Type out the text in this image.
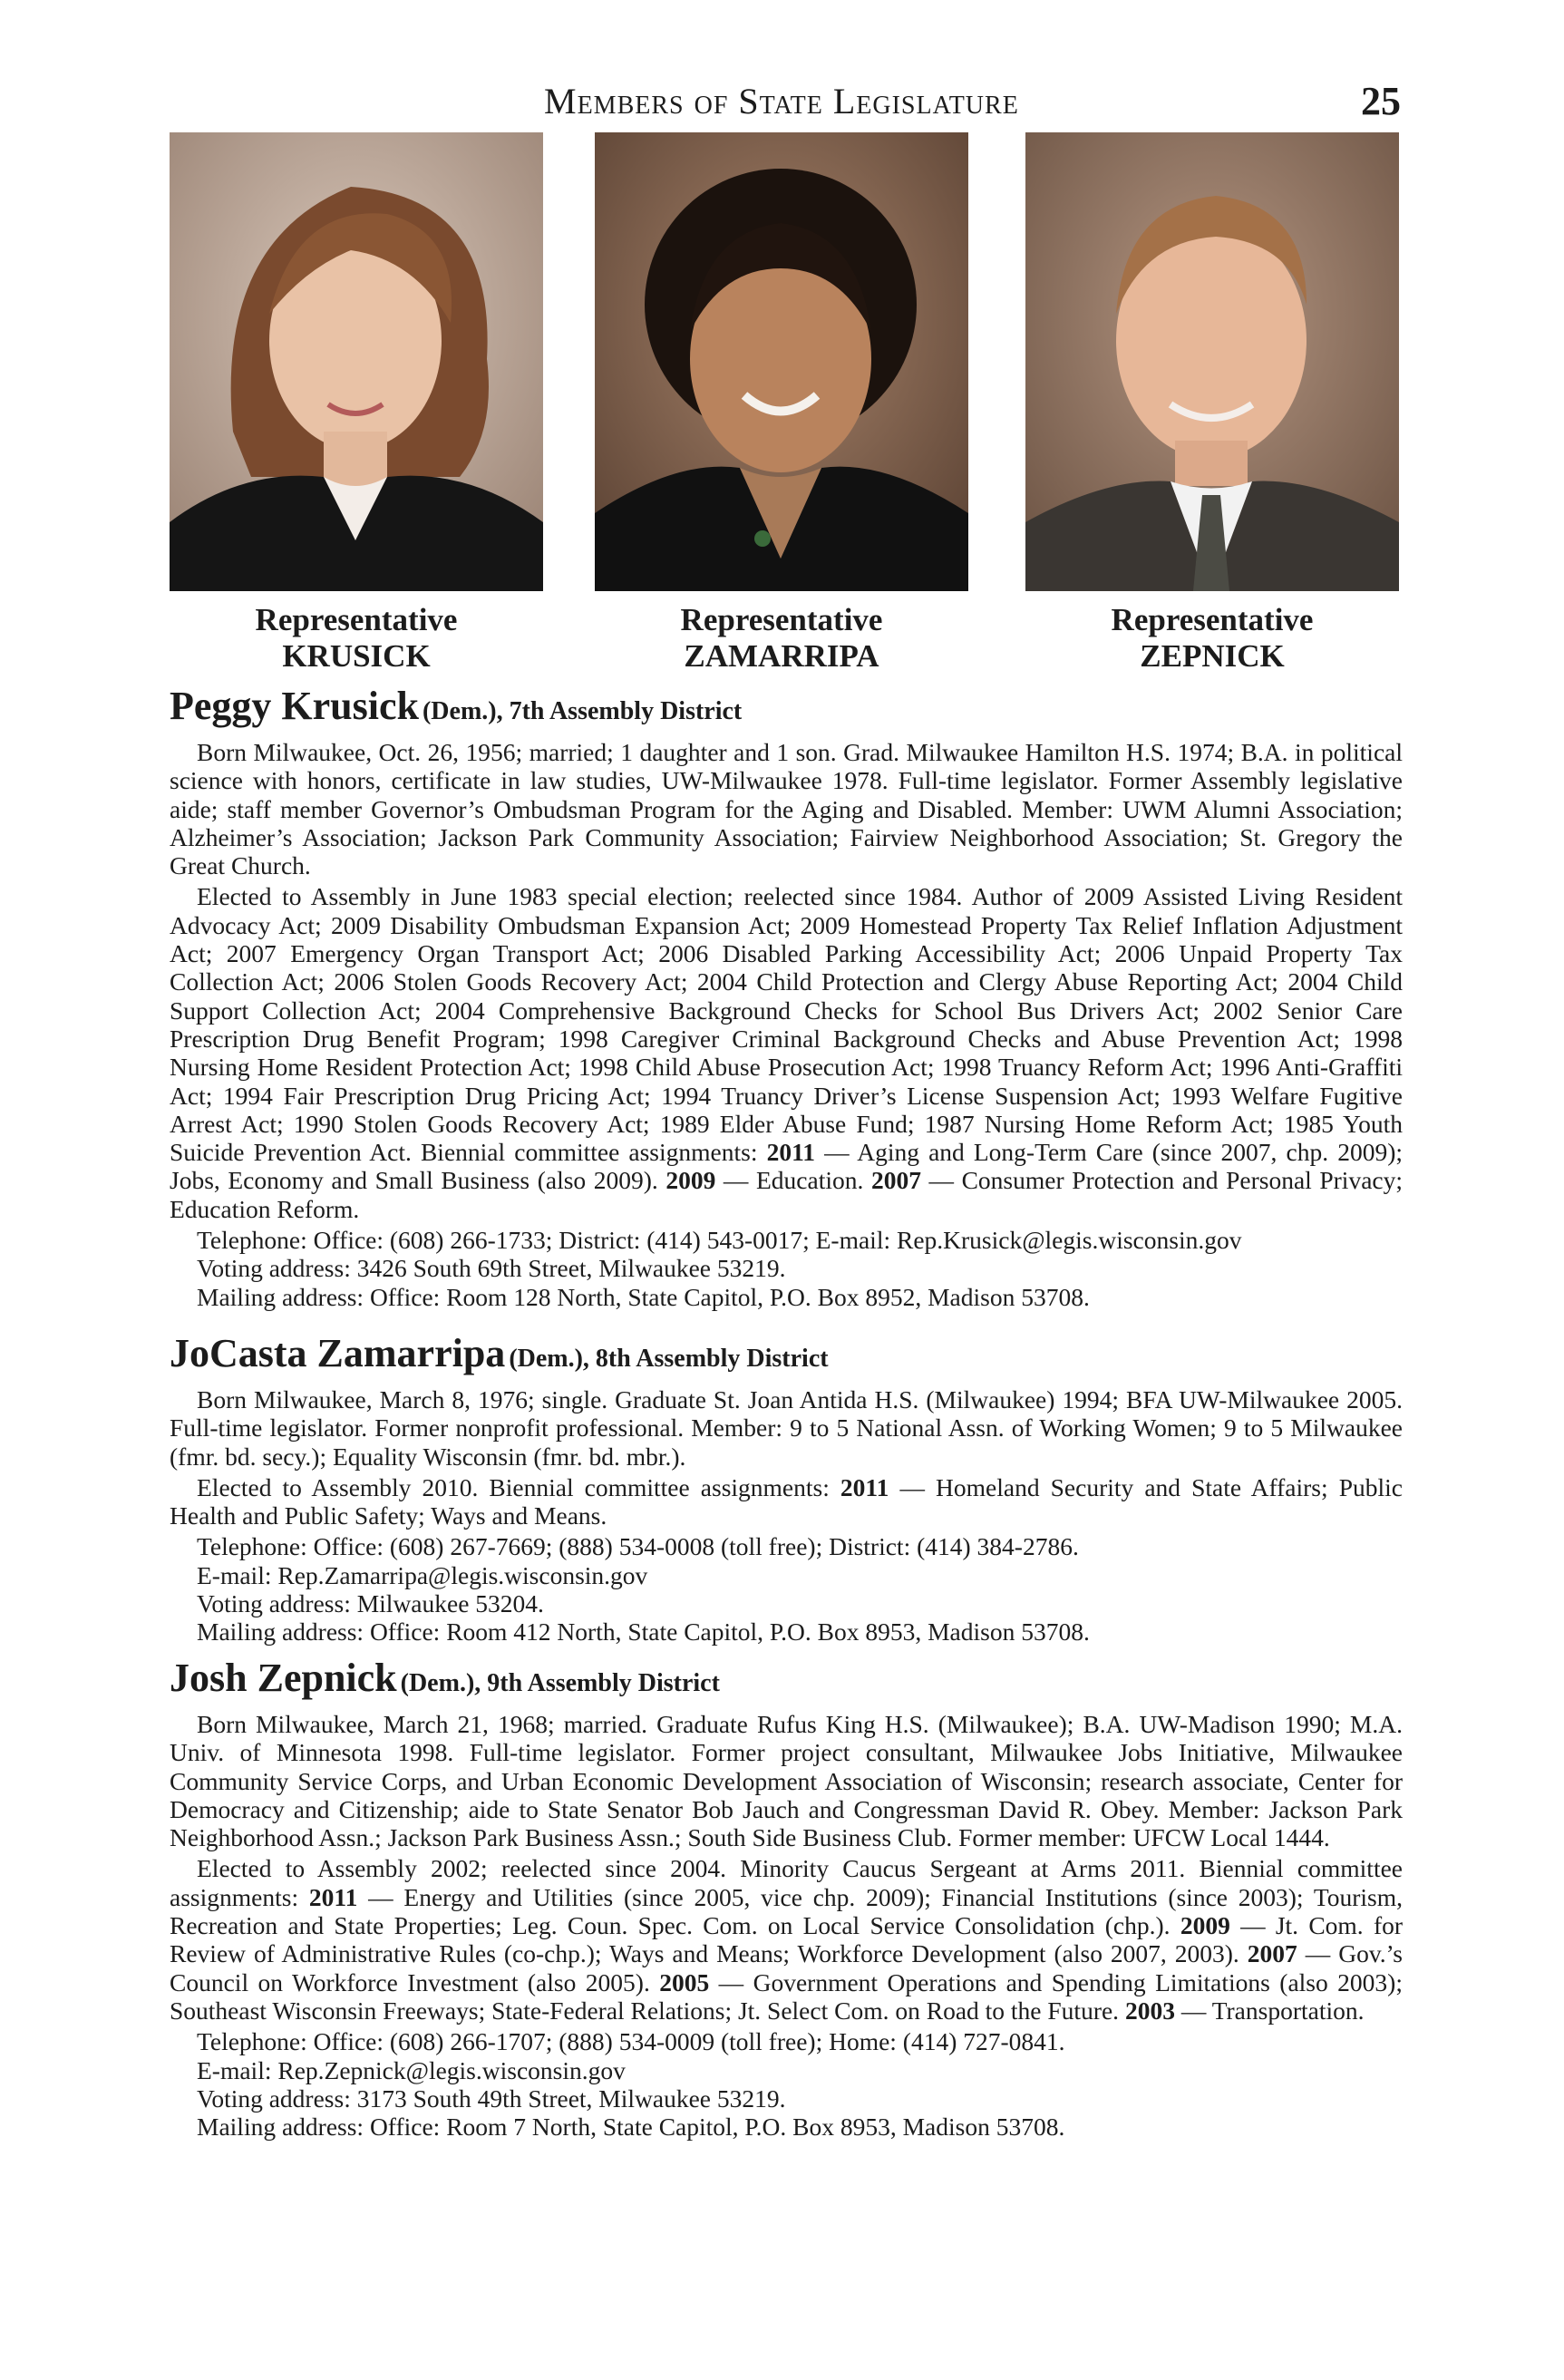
Members of State Legislature	25
Representative
KRUSICK
Representative
ZAMARRIPA
Representative
ZEPNICK
Peggy Krusick (Dem.), 7th Assembly District

Born Milwaukee, Oct. 26, 1956; married; 1 daughter and 1 son. Grad. Milwaukee Hamilton H.S. 1974; B.A. in political science with honors, certificate in law studies, UW-Milwaukee 1978. Full-time legislator. Former Assembly legislative aide; staff member Governor’s Ombudsman Program for the Aging and Disabled. Member: UWM Alumni Association; Alzheimer’s Association; Jackson Park Community Association; Fairview Neighborhood Association; St. Gregory the Great Church.

Elected to Assembly in June 1983 special election; reelected since 1984. Author of 2009 Assisted Living Resident Advocacy Act; 2009 Disability Ombudsman Expansion Act; 2009 Homestead Property Tax Relief Inflation Adjustment Act; 2007 Emergency Organ Transport Act; 2006 Disabled Parking Accessibility Act; 2006 Unpaid Property Tax Collection Act; 2006 Stolen Goods Recovery Act; 2004 Child Protection and Clergy Abuse Reporting Act; 2004 Child Support Collection Act; 2004 Comprehensive Background Checks for School Bus Drivers Act; 2002 Senior Care Prescription Drug Benefit Program; 1998 Caregiver Criminal Background Checks and Abuse Prevention Act; 1998 Nursing Home Resident Protection Act; 1998 Child Abuse Prosecution Act; 1998 Truancy Reform Act; 1996 Anti-Graffiti Act; 1994 Fair Prescription Drug Pricing Act; 1994 Truancy Driver’s License Suspension Act; 1993 Welfare Fugitive Arrest Act; 1990 Stolen Goods Recovery Act; 1989 Elder Abuse Fund; 1987 Nursing Home Reform Act; 1985 Youth Suicide Prevention Act. Biennial committee assignments: 2011 — Aging and Long-Term Care (since 2007, chp. 2009); Jobs, Economy and Small Business (also 2009). 2009 — Education. 2007 — Consumer Protection and Personal Privacy; Education Reform.

Telephone: Office: (608) 266-1733; District: (414) 543-0017; E-mail: Rep.Krusick@legis.wisconsin.gov
Voting address: 3426 South 69th Street, Milwaukee 53219.
Mailing address: Office: Room 128 North, State Capitol, P.O. Box 8952, Madison 53708.
JoCasta Zamarripa (Dem.), 8th Assembly District

Born Milwaukee, March 8, 1976; single. Graduate St. Joan Antida H.S. (Milwaukee) 1994; BFA UW-Milwaukee 2005. Full-time legislator. Former nonprofit professional. Member: 9 to 5 National Assn. of Working Women; 9 to 5 Milwaukee (fmr. bd. secy.); Equality Wisconsin (fmr. bd. mbr.).

Elected to Assembly 2010. Biennial committee assignments: 2011 — Homeland Security and State Affairs; Public Health and Public Safety; Ways and Means.

Telephone: Office: (608) 267-7669; (888) 534-0008 (toll free); District: (414) 384-2786.
E-mail: Rep.Zamarripa@legis.wisconsin.gov
Voting address: Milwaukee 53204.
Mailing address: Office: Room 412 North, State Capitol, P.O. Box 8953, Madison 53708.
Josh Zepnick (Dem.), 9th Assembly District

Born Milwaukee, March 21, 1968; married. Graduate Rufus King H.S. (Milwaukee); B.A. UW-Madison 1990; M.A. Univ. of Minnesota 1998. Full-time legislator. Former project consultant, Milwaukee Jobs Initiative, Milwaukee Community Service Corps, and Urban Economic Development Association of Wisconsin; research associate, Center for Democracy and Citizenship; aide to State Senator Bob Jauch and Congressman David R. Obey. Member: Jackson Park Neighborhood Assn.; Jackson Park Business Assn.; South Side Business Club. Former member: UFCW Local 1444.

Elected to Assembly 2002; reelected since 2004. Minority Caucus Sergeant at Arms 2011. Biennial committee assignments: 2011 — Energy and Utilities (since 2005, vice chp. 2009); Financial Institutions (since 2003); Tourism, Recreation and State Properties; Leg. Coun. Spec. Com. on Local Service Consolidation (chp.). 2009 — Jt. Com. for Review of Administrative Rules (co-chp.); Ways and Means; Workforce Development (also 2007, 2003). 2007 — Gov.’s Council on Workforce Investment (also 2005). 2005 — Government Operations and Spending Limitations (also 2003); Southeast Wisconsin Freeways; State-Federal Relations; Jt. Select Com. on Road to the Future. 2003 — Transportation.

Telephone: Office: (608) 266-1707; (888) 534-0009 (toll free); Home: (414) 727-0841.
E-mail: Rep.Zepnick@legis.wisconsin.gov
Voting address: 3173 South 49th Street, Milwaukee 53219.
Mailing address: Office: Room 7 North, State Capitol, P.O. Box 8953, Madison 53708.
